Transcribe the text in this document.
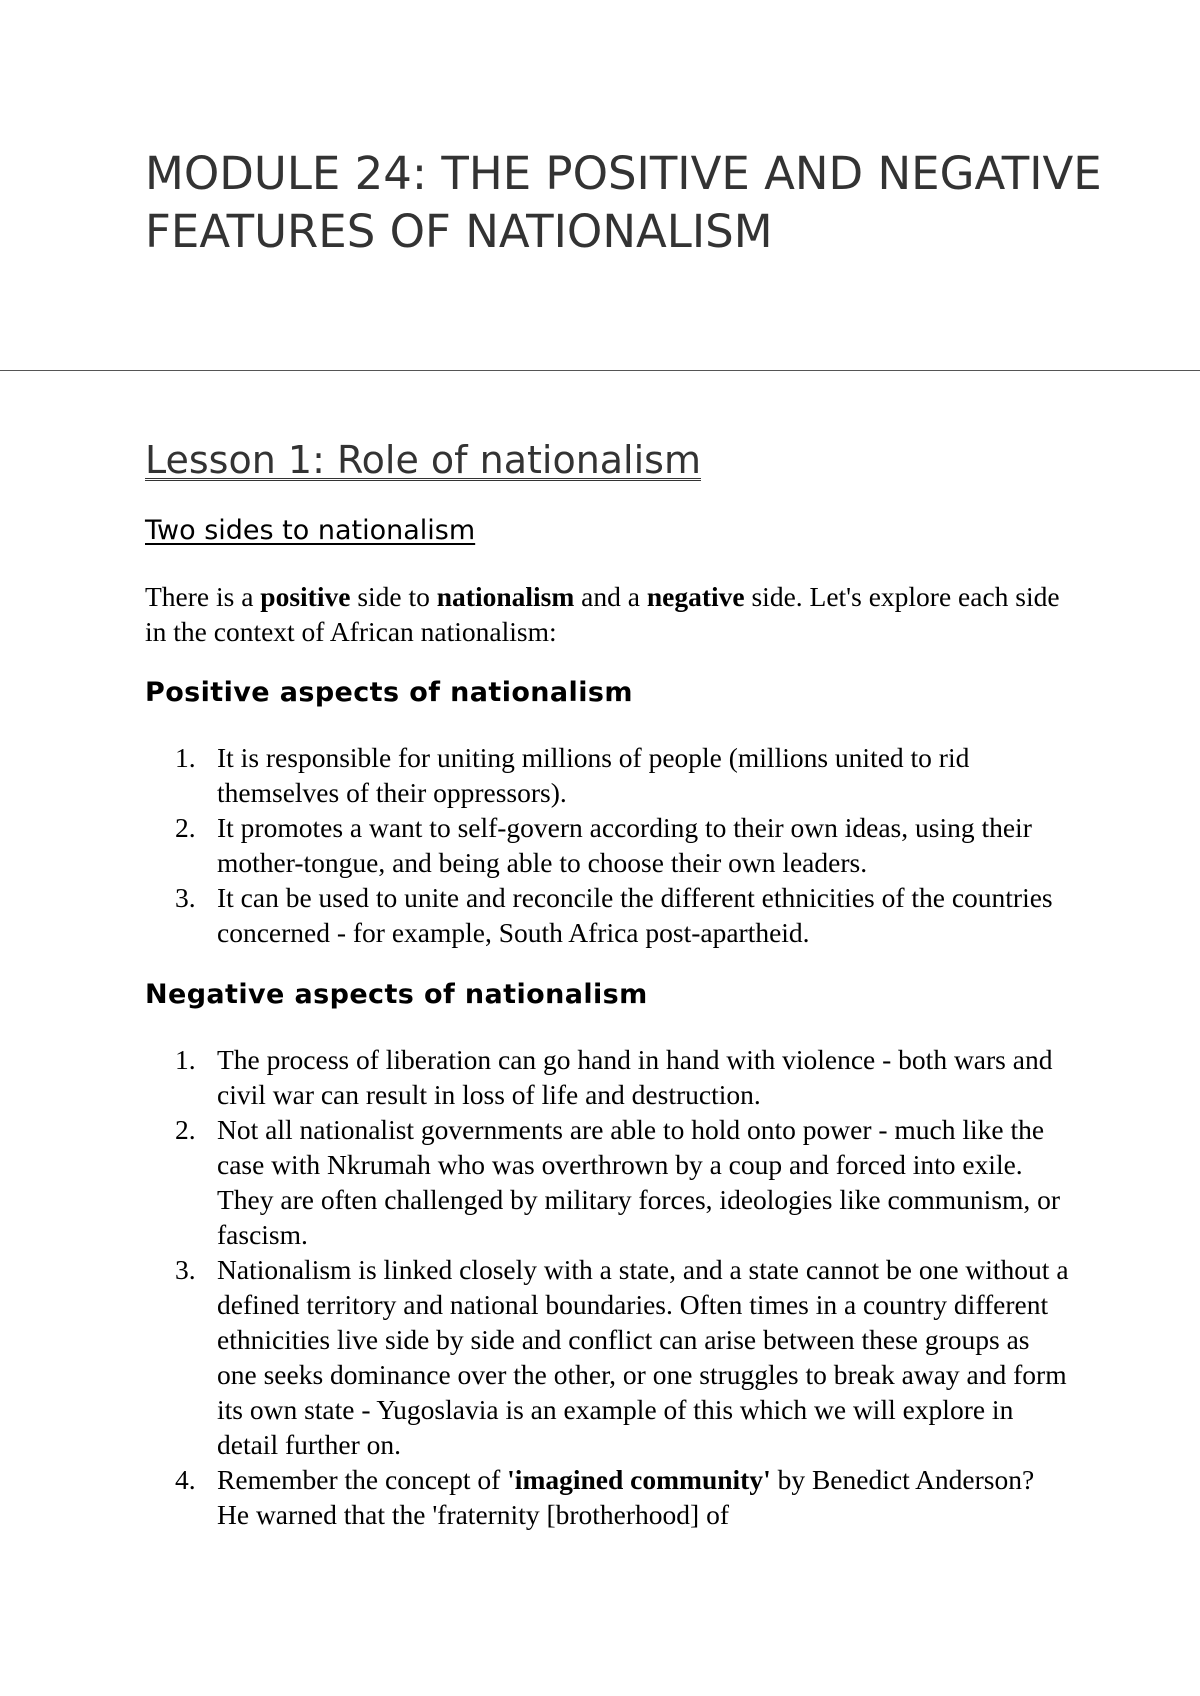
MODULE 24: THE POSITIVE AND NEGATIVE FEATURES OF NATIONALISM
Lesson 1: Role of nationalism
Two sides to nationalism

There is a positive side to nationalism and a negative side. Let's explore each side in the context of African nationalism:

Positive aspects of nationalism
1. It is responsible for uniting millions of people (millions united to rid themselves of their oppressors).
2. It promotes a want to self-govern according to their own ideas, using their mother-tongue, and being able to choose their own leaders.
3. It can be used to unite and reconcile the different ethnicities of the countries concerned - for example, South Africa post-apartheid.
Negative aspects of nationalism
1. The process of liberation can go hand in hand with violence - both wars and civil war can result in loss of life and destruction.
2. Not all nationalist governments are able to hold onto power - much like the case with Nkrumah who was overthrown by a coup and forced into exile. They are often challenged by military forces, ideologies like communism, or fascism.
3. Nationalism is linked closely with a state, and a state cannot be one without a defined territory and national boundaries. Often times in a country different ethnicities live side by side and conflict can arise between these groups as one seeks dominance over the other, or one struggles to break away and form its own state - Yugoslavia is an example of this which we will explore in detail further on.
4. Remember the concept of 'imagined community' by Benedict Anderson? He warned that the 'fraternity [brotherhood] of
